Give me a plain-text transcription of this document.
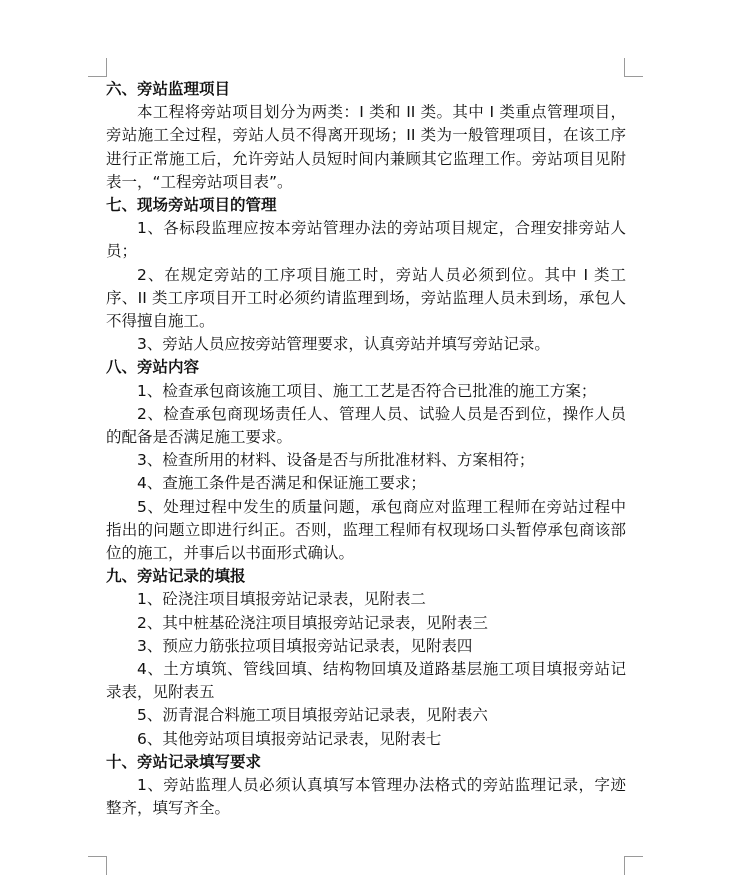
六、旁站监理项目

本工程将旁站项目划分为两类：I 类和 II 类。其中 I 类重点管理项目，旁站施工全过程，旁站人员不得离开现场；II 类为一般管理项目，在该工序进行正常施工后，允许旁站人员短时间内兼顾其它监理工作。旁站项目见附表一，“工程旁站项目表”。

七、现场旁站项目的管理

1、各标段监理应按本旁站管理办法的旁站项目规定，合理安排旁站人员；

2、在规定旁站的工序项目施工时，旁站人员必须到位。其中 I 类工序、II 类工序项目开工时必须约请监理到场，旁站监理人员未到场，承包人不得擅自施工。

3、旁站人员应按旁站管理要求，认真旁站并填写旁站记录。

八、旁站内容

1、检查承包商该施工项目、施工工艺是否符合已批准的施工方案；

2、检查承包商现场责任人、管理人员、试验人员是否到位，操作人员的配备是否满足施工要求。

3、检查所用的材料、设备是否与所批准材料、方案相符；

4、查施工条件是否满足和保证施工要求；

5、处理过程中发生的质量问题，承包商应对监理工程师在旁站过程中指出的问题立即进行纠正。否则，监理工程师有权现场口头暂停承包商该部位的施工，并事后以书面形式确认。

九、旁站记录的填报

1、砼浇注项目填报旁站记录表，见附表二

2、其中桩基砼浇注项目填报旁站记录表，见附表三

3、预应力筋张拉项目填报旁站记录表，见附表四

4、土方填筑、管线回填、结构物回填及道路基层施工项目填报旁站记录表，见附表五

5、沥青混合料施工项目填报旁站记录表，见附表六

6、其他旁站项目填报旁站记录表，见附表七

十、旁站记录填写要求

1、旁站监理人员必须认真填写本管理办法格式的旁站监理记录，字迹整齐，填写齐全。
